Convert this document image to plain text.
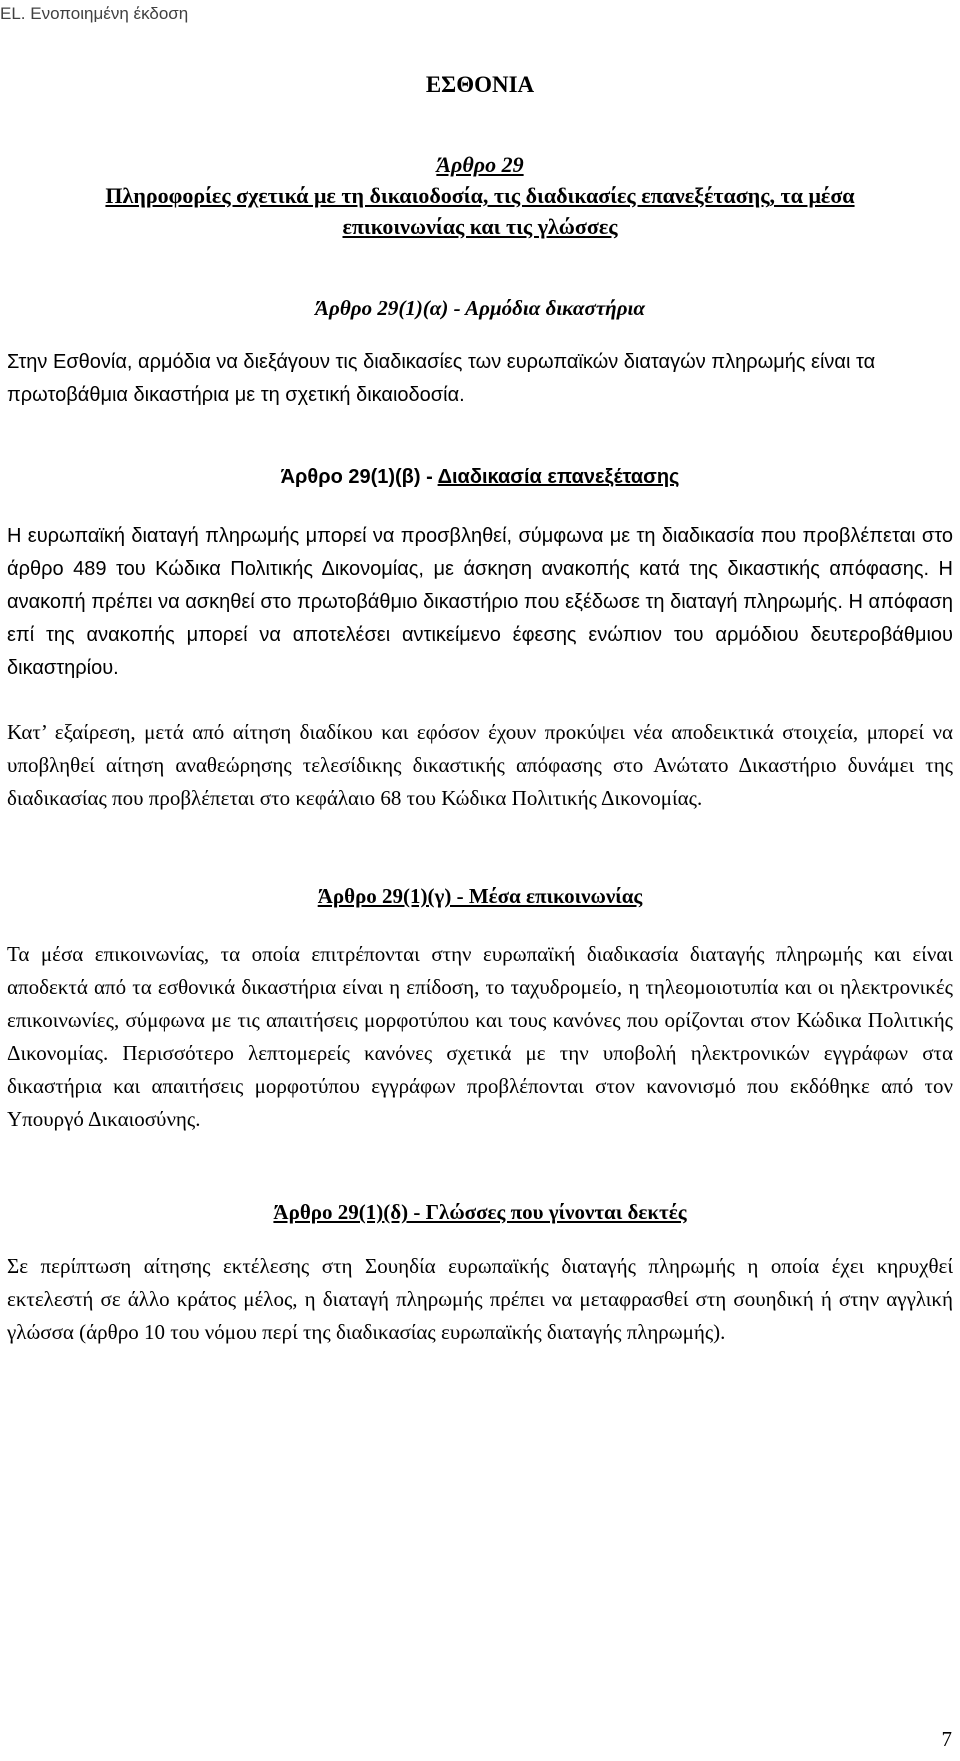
EL. Ενοποιημένη έκδοση
ΕΣΘΟΝΙΑ
Άρθρο 29
Πληροφορίες σχετικά με τη δικαιοδοσία, τις διαδικασίες επανεξέτασης, τα μέσα
επικοινωνίας και τις γλώσσες
Άρθρο 29(1)(α) - Αρμόδια δικαστήρια
Στην Εσθονία, αρμόδια να διεξάγουν τις διαδικασίες των ευρωπαϊκών διαταγών πληρωμής είναι τα πρωτοβάθμια δικαστήρια με τη σχετική δικαιοδοσία.
Άρθρο 29(1)(β) - Διαδικασία επανεξέτασης
Η ευρωπαϊκή διαταγή πληρωμής μπορεί να προσβληθεί, σύμφωνα με τη διαδικασία που προβλέπεται στο άρθρο 489 του Κώδικα Πολιτικής Δικονομίας, με άσκηση ανακοπής κατά της δικαστικής απόφασης. Η ανακοπή πρέπει να ασκηθεί στο πρωτοβάθμιο δικαστήριο που εξέδωσε τη διαταγή πληρωμής. Η απόφαση επί της ανακοπής μπορεί να αποτελέσει αντικείμενο έφεσης ενώπιον του αρμόδιου δευτεροβάθμιου δικαστηρίου.
Κατ’ εξαίρεση, μετά από αίτηση διαδίκου και εφόσον έχουν προκύψει νέα αποδεικτικά στοιχεία, μπορεί να υποβληθεί αίτηση αναθεώρησης τελεσίδικης δικαστικής απόφασης στο Ανώτατο Δικαστήριο δυνάμει της διαδικασίας που προβλέπεται στο κεφάλαιο 68 του Κώδικα Πολιτικής Δικονομίας.
Άρθρο 29(1)(γ) - Μέσα επικοινωνίας
Τα μέσα επικοινωνίας, τα οποία επιτρέπονται στην ευρωπαϊκή διαδικασία διαταγής πληρωμής και είναι αποδεκτά από τα εσθονικά δικαστήρια είναι η επίδοση, το ταχυδρομείο, η τηλεομοιοτυπία και οι ηλεκτρονικές επικοινωνίες, σύμφωνα με τις απαιτήσεις μορφοτύπου και τους κανόνες που ορίζονται στον Κώδικα Πολιτικής Δικονομίας. Περισσότερο λεπτομερείς κανόνες σχετικά με την υποβολή ηλεκτρονικών εγγράφων στα δικαστήρια και απαιτήσεις μορφοτύπου εγγράφων προβλέπονται στον κανονισμό που εκδόθηκε από τον Υπουργό Δικαιοσύνης.
Άρθρο 29(1)(δ) - Γλώσσες που γίνονται δεκτές
Σε περίπτωση αίτησης εκτέλεσης στη Σουηδία ευρωπαϊκής διαταγής πληρωμής η οποία έχει κηρυχθεί εκτελεστή σε άλλο κράτος μέλος, η διαταγή πληρωμής πρέπει να μεταφρασθεί στη σουηδική ή στην αγγλική γλώσσα (άρθρο 10 του νόμου περί της διαδικασίας ευρωπαϊκής διαταγής πληρωμής).
7
